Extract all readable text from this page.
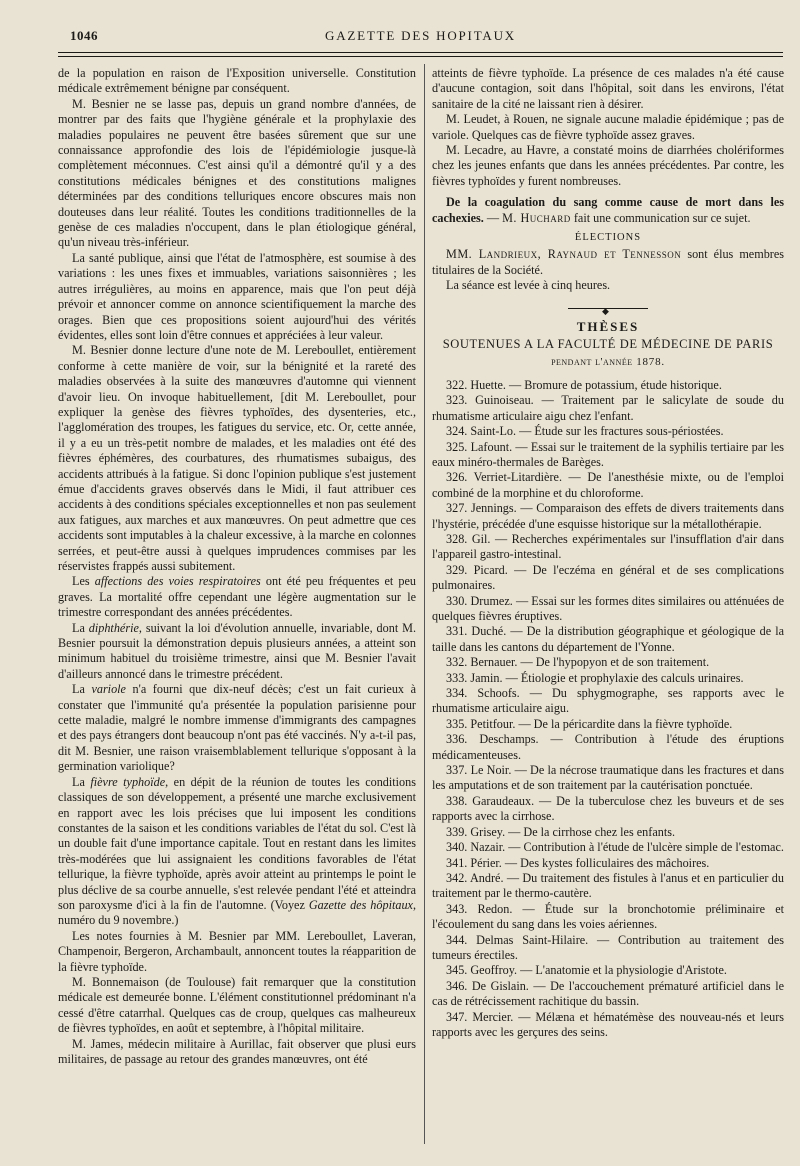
1046	GAZETTE DES HOPITAUX

de la population en raison de l'Exposition universelle. Constitution médicale extrêmement bénigne par conséquent.

M. Besnier ne se lasse pas, depuis un grand nombre d'années, de montrer par des faits que l'hygiène générale et la prophylaxie des maladies populaires ne peuvent être basées sûrement que sur une connaissance approfondie des lois de l'épidémiologie jusque-là complètement méconnues. C'est ainsi qu'il a démontré qu'il y a des constitutions médicales bénignes et des constitutions malignes déterminées par des conditions telluriques encore obscures mais non douteuses dans leur réalité. Toutes les conditions traditionnelles de la genèse de ces maladies n'occupent, dans le plan étiologique général, qu'un niveau très-inférieur.

La santé publique, ainsi que l'état de l'atmosphère, est soumise à des variations : les unes fixes et immuables, variations saisonnières ; les autres irrégulières, au moins en apparence, mais que l'on peut déjà prévoir et annoncer comme on annonce scientifiquement la marche des orages. Bien que ces propositions soient aujourd'hui des vérités évidentes, elles sont loin d'être connues et appréciées à leur valeur.

M. Besnier donne lecture d'une note de M. Lereboullet, entièrement conforme à cette manière de voir, sur la bénignité et la rareté des maladies observées à la suite des manœuvres d'automne qui viennent d'avoir lieu. On invoque habituellement, [dit M. Lereboullet, pour expliquer la genèse des fièvres typhoïdes, des dysenteries, etc., l'agglomération des troupes, les fatigues du service, etc. Or, cette année, il y a eu un très-petit nombre de malades, et les maladies ont été des fièvres éphémères, des courbatures, des rhumatismes subaigus, des accidents attribués à la fatigue. Si donc l'opinion publique s'est justement émue d'accidents graves observés dans le Midi, il faut attribuer ces accidents à des conditions spéciales exceptionnelles et non pas seulement aux fatigues, aux marches et aux manœuvres. On peut admettre que ces accidents sont imputables à la chaleur excessive, à la marche en colonnes serrées, et peut-être aussi à quelques imprudences commises par les réservistes frappés aussi subitement.

Les affections des voies respiratoires ont été peu fréquentes et peu graves. La mortalité offre cependant une légère augmentation sur le trimestre correspondant des années précédentes.

La diphthérie, suivant la loi d'évolution annuelle, invariable, dont M. Besnier poursuit la démonstration depuis plusieurs années, a atteint son minimum habituel du troisième trimestre, ainsi que M. Besnier l'avait d'ailleurs annoncé dans le trimestre précédent.

La variole n'a fourni que dix-neuf décès; c'est un fait curieux à constater que l'immunité qu'a présentée la population parisienne pour cette maladie, malgré le nombre immense d'immigrants des campagnes et des pays étrangers dont beaucoup n'ont pas été vaccinés. N'y a-t-il pas, dit M. Besnier, une raison vraisemblablement tellurique s'opposant à la germination variolique?

La fièvre typhoïde, en dépit de la réunion de toutes les conditions classiques de son développement, a présenté une marche exclusivement en rapport avec les lois précises que lui imposent les conditions constantes de la saison et les conditions variables de l'état du sol. C'est là un double fait d'une importance capitale. Tout en restant dans les limites très-modérées que lui assignaient les conditions favorables de l'état tellurique, la fièvre typhoïde, après avoir atteint au printemps le point le plus déclive de sa courbe annuelle, s'est relevée pendant l'été et atteindra son paroxysme d'ici à la fin de l'automne. (Voyez Gazette des hôpitaux, numéro du 9 novembre.)

Les notes fournies à M. Besnier par MM. Lereboullet, Laveran, Champenoir, Bergeron, Archambault, annoncent toutes la réapparition de la fièvre typhoïde.

M. Bonnemaison (de Toulouse) fait remarquer que la constitution médicale est demeurée bonne. L'élément constitutionnel prédominant n'a cessé d'être catarrhal. Quelques cas de croup, quelques cas malheureux de fièvres typhoïdes, en août et septembre, à l'hôpital militaire.

M. James, médecin militaire à Aurillac, fait observer que plusi eurs militaires, de passage au retour des grandes manœuvres, ont été

atteints de fièvre typhoïde. La présence de ces malades n'a été cause d'aucune contagion, soit dans l'hôpital, soit dans les environs, l'état sanitaire de la cité ne laissant rien à désirer.

M. Leudet, à Rouen, ne signale aucune maladie épidémique ; pas de variole. Quelques cas de fièvre typhoïde assez graves.

M. Lecadre, au Havre, a constaté moins de diarrhées cholériformes chez les jeunes enfants que dans les années précédentes. Par contre, les fièvres typhoïdes y furent nombreuses.

De la coagulation du sang comme cause de mort dans les cachexies. — M. Huchard fait une communication sur ce sujet.

ÉLECTIONS

MM. Landrieux, Raynaud et Tennesson sont élus membres titulaires de la Société.

La séance est levée à cinq heures.

◆

THÈSES

SOUTENUES A LA FACULTÉ DE MÉDECINE DE PARIS

pendant l'année 1878.

322. Huette. — Bromure de potassium, étude historique.

323. Guinoiseau. — Traitement par le salicylate de soude du rhumatisme articulaire aigu chez l'enfant.

324. Saint-Lo. — Étude sur les fractures sous-périostées.

325. Lafount. — Essai sur le traitement de la syphilis tertiaire par les eaux minéro-thermales de Barèges.

326. Verriet-Litardière. — De l'anesthésie mixte, ou de l'emploi combiné de la morphine et du chloroforme.

327. Jennings. — Comparaison des effets de divers traitements dans l'hystérie, précédée d'une esquisse historique sur la métallothérapie.

328. Gil. — Recherches expérimentales sur l'insufflation d'air dans l'appareil gastro-intestinal.

329. Picard. — De l'eczéma en général et de ses complications pulmonaires.

330. Drumez. — Essai sur les formes dites similaires ou atténuées de quelques fièvres éruptives.

331. Duché. — De la distribution géographique et géologique de la taille dans les cantons du département de l'Yonne.

332. Bernauer. — De l'hypopyon et de son traitement.

333. Jamin. — Étiologie et prophylaxie des calculs urinaires.

334. Schoofs. — Du sphygmographe, ses rapports avec le rhumatisme articulaire aigu.

335. Petitfour. — De la péricardite dans la fièvre typhoïde.

336. Deschamps. — Contribution à l'étude des éruptions médicamenteuses.

337. Le Noir. — De la nécrose traumatique dans les fractures et dans les amputations et de son traitement par la cautérisation ponctuée.

338. Garaudeaux. — De la tuberculose chez les buveurs et de ses rapports avec la cirrhose.

339. Grisey. — De la cirrhose chez les enfants.

340. Nazair. — Contribution à l'étude de l'ulcère simple de l'estomac.

341. Périer. — Des kystes folliculaires des mâchoires.

342. André. — Du traitement des fistules à l'anus et en particulier du traitement par le thermo-cautère.

343. Redon. — Étude sur la bronchotomie préliminaire et l'écoulement du sang dans les voies aériennes.

344. Delmas Saint-Hilaire. — Contribution au traitement des tumeurs érectiles.

345. Geoffroy. — L'anatomie et la physiologie d'Aristote.

346. De Gislain. — De l'accouchement prématuré artificiel dans le cas de rétrécissement rachitique du bassin.

347. Mercier. — Mélæna et hématémèse des nouveau-nés et leurs rapports avec les gerçures des seins.
